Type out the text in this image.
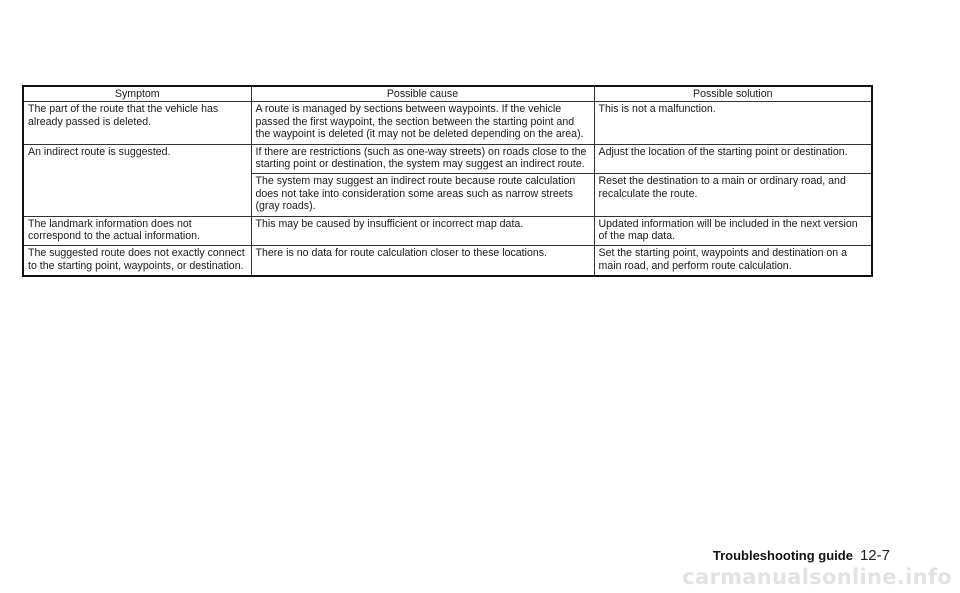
Symptom	Possible cause	Possible solution
The part of the route that the vehicle has already passed is deleted.	A route is managed by sections between waypoints. If the vehicle passed the first waypoint, the section between the starting point and the waypoint is deleted (it may not be deleted depending on the area).	This is not a malfunction.
An indirect route is suggested.	If there are restrictions (such as one-way streets) on roads close to the starting point or destination, the system may suggest an indirect route.	Adjust the location of the starting point or destination.
	The system may suggest an indirect route because route calculation does not take into consideration some areas such as narrow streets (gray roads).	Reset the destination to a main or ordinary road, and recalculate the route.
The landmark information does not correspond to the actual information.	This may be caused by insufficient or incorrect map data.	Updated information will be included in the next version of the map data.
The suggested route does not exactly connect to the starting point, waypoints, or destination.	There is no data for route calculation closer to these locations.	Set the starting point, waypoints and destination on a main road, and perform route calculation.
Troubleshooting guide 12-7
carmanualsonline.info
